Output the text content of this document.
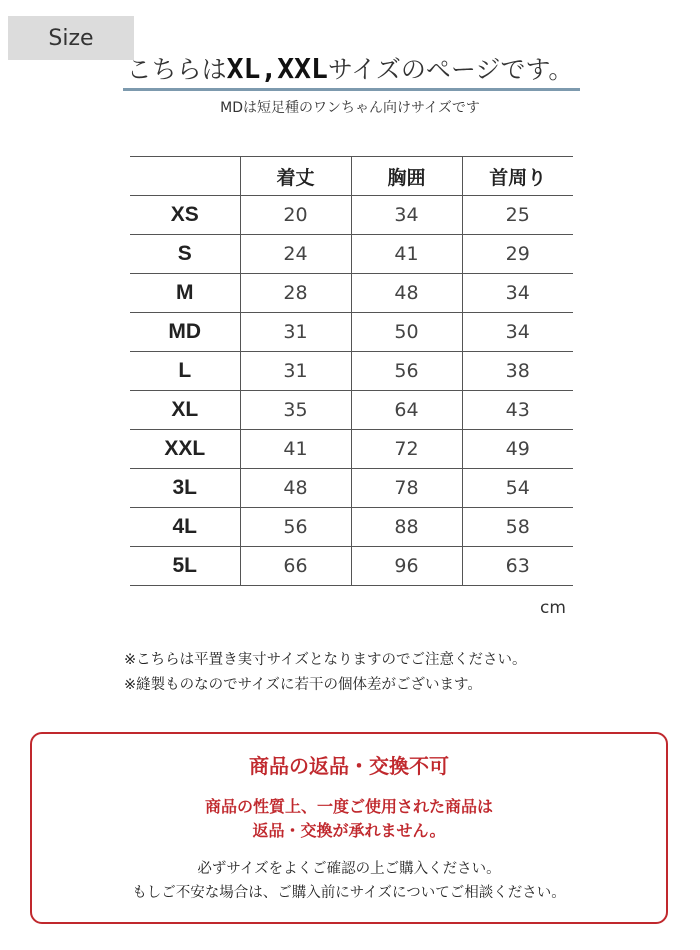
Size
こちらはXL,XXLサイズのページです。
MDは短足種のワンちゃん向けサイズです
	着丈	胸囲	首周り
XS	20	34	25
S	24	41	29
M	28	48	34
MD	31	50	34
L	31	56	38
XL	35	64	43
XXL	41	72	49
3L	48	78	54
4L	56	88	58
5L	66	96	63
cm
※こちらは平置き実寸サイズとなりますのでご注意ください。
※縫製ものなのでサイズに若干の個体差がございます。
商品の返品・交換不可
商品の性質上、一度ご使用された商品は
返品・交換が承れません。
必ずサイズをよくご確認の上ご購入ください。
もしご不安な場合は、ご購入前にサイズについてご相談ください。
